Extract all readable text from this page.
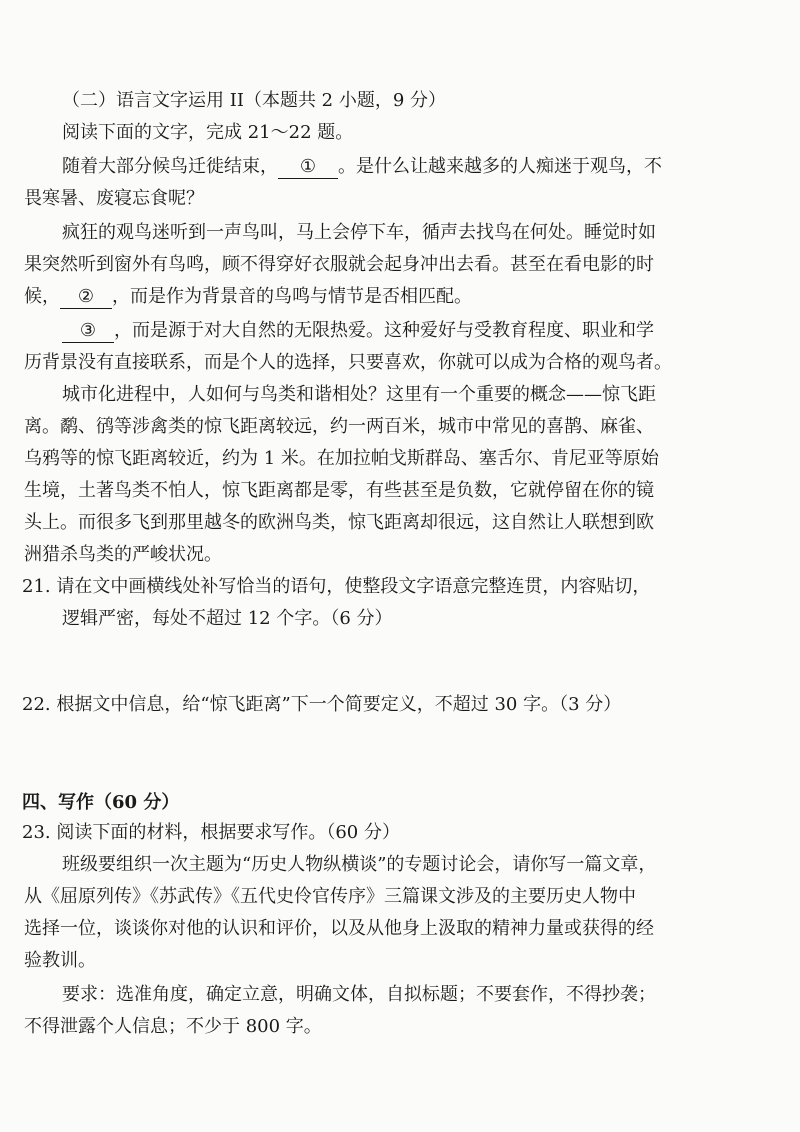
（二）语言文字运用 II（本题共 2 小题，9 分）
阅读下面的文字，完成 21～22 题。
随着大部分候鸟迁徙结束， ① 。是什么让越来越多的人痴迷于观鸟，不
畏寒暑、废寝忘食呢？
疯狂的观鸟迷听到一声鸟叫，马上会停下车，循声去找鸟在何处。睡觉时如
果突然听到窗外有鸟鸣，顾不得穿好衣服就会起身冲出去看。甚至在看电影的时
候， ② ，而是作为背景音的鸟鸣与情节是否相匹配。
③ ，而是源于对大自然的无限热爱。这种爱好与受教育程度、职业和学
历背景没有直接联系，而是个人的选择，只要喜欢，你就可以成为合格的观鸟者。
城市化进程中，人如何与鸟类和谐相处？这里有一个重要的概念——惊飞距
离。鹬、鸻等涉禽类的惊飞距离较远，约一两百米，城市中常见的喜鹊、麻雀、
乌鸦等的惊飞距离较近，约为 1 米。在加拉帕戈斯群岛、塞舌尔、肯尼亚等原始
生境，土著鸟类不怕人，惊飞距离都是零，有些甚至是负数，它就停留在你的镜
头上。而很多飞到那里越冬的欧洲鸟类，惊飞距离却很远，这自然让人联想到欧
洲猎杀鸟类的严峻状况。
21. 请在文中画横线处补写恰当的语句，使整段文字语意完整连贯，内容贴切，
逻辑严密，每处不超过 12 个字。（6 分）
22. 根据文中信息，给“惊飞距离”下一个简要定义，不超过 30 字。（3 分）
四、写作（60 分）
23. 阅读下面的材料，根据要求写作。（60 分）
班级要组织一次主题为“历史人物纵横谈”的专题讨论会，请你写一篇文章，
从《屈原列传》《苏武传》《五代史伶官传序》三篇课文涉及的主要历史人物中
选择一位，谈谈你对他的认识和评价，以及从他身上汲取的精神力量或获得的经
验教训。
要求：选准角度，确定立意，明确文体，自拟标题；不要套作，不得抄袭；
不得泄露个人信息；不少于 800 字。
